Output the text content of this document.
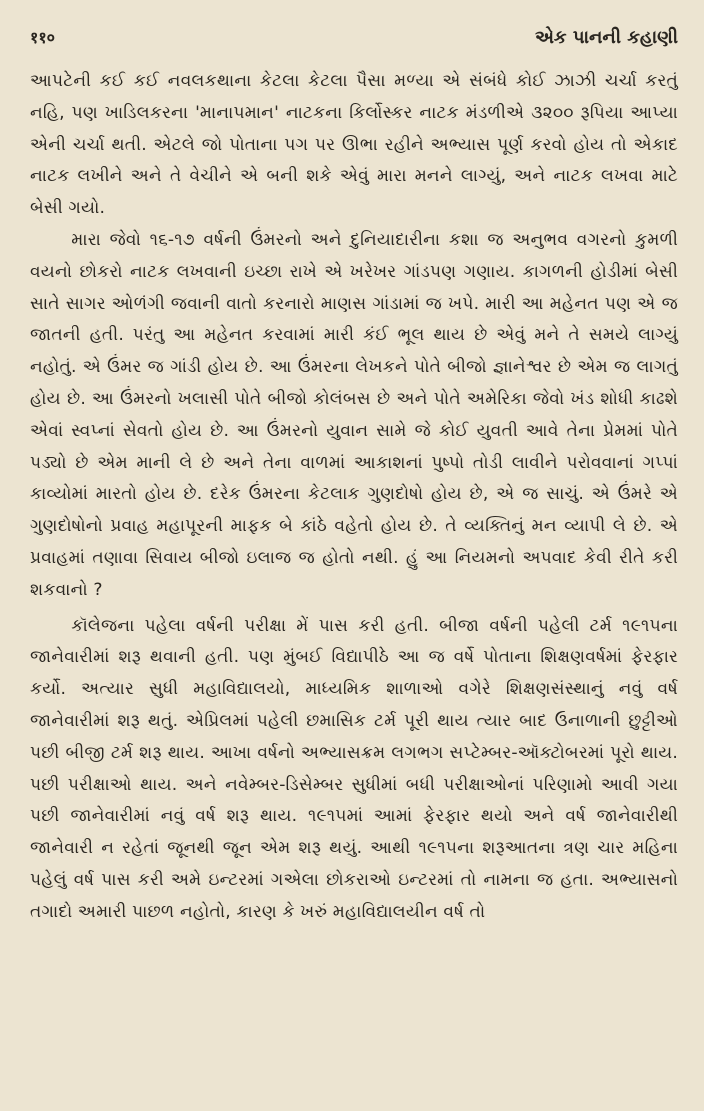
११०	એક પાનની કહાણી

આપટેની કઈ કઈ નવલકથાના કેટલા કેટલા પૈસા મળ્યા એ સંબંધે કોઈ ઝાઝી ચર્ચા કરતું નહિ, પણ ખાડિલકરના 'માનાપમાન' નાટકના કિર્લોસ્કર નાટક મંડળીએ ૩૨૦૦ રૂપિયા આપ્યા એની ચર્ચા થતી. એટલે જો પોતાના પગ પર ઊભા રહીને અભ્યાસ પૂર્ણ કરવો હોય તો એકાદ નાટક લખીને અને તે વેચીને એ બની શકે એવું મારા મનને લાગ્યું, અને નાટક લખવા માટે બેસી ગયો.

મારા જેવો ૧૬-૧૭ વર્ષની ઉંમરનો અને દુનિયાદારીના કશા જ અનુભવ વગરનો કુમળી વયનો છોકરો નાટક લખવાની ઇચ્છા રાખે એ ખરેખર ગાંડપણ ગણાય. કાગળની હોડીમાં બેસી સાતે સાગર ઓળંગી જવાની વાતો કરનારો માણસ ગાંડામાં જ ખપે. મારી આ મહેનત પણ એ જ જાતની હતી. પરંતુ આ મહેનત કરવામાં મારી કંઈ ભૂલ થાય છે એવું મને તે સમયે લાગ્યું નહોતું. એ ઉંમર જ ગાંડી હોય છે. આ ઉંમરના લેખકને પોતે બીજો જ્ઞાનેશ્વર છે એમ જ લાગતું હોય છે. આ ઉંમરનો ખલાસી પોતે બીજો કોલંબસ છે અને પોતે અમેરિકા જેવો ખંડ શોધી કાઢશે એવાં સ્વપ્નાં સેવતો હોય છે. આ ઉંમરનો યુવાન સામે જે કોઈ યુવતી આવે તેના પ્રેમમાં પોતે પડ્યો છે એમ માની લે છે અને તેના વાળમાં આકાશનાં પુષ્પો તોડી લાવીને પરોવવાનાં ગપ્પાં કાવ્યોમાં મારતો હોય છે. દરેક ઉંમરના કેટલાક ગુણદોષો હોય છે, એ જ સાચું. એ ઉંમરે એ ગુણદોષોનો પ્રવાહ મહાપૂરની માફક બે કાંઠે વહેતો હોય છે. તે વ્યક્તિનું મન વ્યાપી લે છે. એ પ્રવાહમાં તણાવા સિવાય બીજો ઇલાજ જ હોતો નથી. હું આ નિયમનો અપવાદ કેવી રીતે કરી શકવાનો ?

કૉલેજના પહેલા વર્ષની પરીક્ષા મેં પાસ કરી હતી. બીજા વર્ષની પહેલી ટર્મ ૧૯૧૫ના જાનેવારીમાં શરૂ થવાની હતી. પણ મુંબઈ વિદ્યાપીઠે આ જ વર્ષે પોતાના શિક્ષણવર્ષમાં ફેરફાર કર્યો. અત્યાર સુધી મહાવિદ્યાલયો, માધ્યમિક શાળાઓ વગેરે શિક્ષણસંસ્થાનું નવું વર્ષ જાનેવારીમાં શરૂ થતું. એપ્રિલમાં પહેલી છમાસિક ટર્મ પૂરી થાય ત્યાર બાદ ઉનાળાની છુટ્ટીઓ પછી બીજી ટર્મ શરૂ થાય. આખા વર્ષનો અભ્યાસક્રમ લગભગ સપ્ટેમ્બર-ઑક્ટોબરમાં પૂરો થાય. પછી પરીક્ષાઓ થાય. અને નવેમ્બર-ડિસેમ્બર સુધીમાં બધી પરીક્ષાઓનાં પરિણામો આવી ગયા પછી જાનેવારીમાં નવું વર્ષ શરૂ થાય. ૧૯૧૫માં આમાં ફેરફાર થયો અને વર્ષ જાનેવારીથી જાનેવારી ન રહેતાં જૂનથી જૂન એમ શરૂ થયું. આથી ૧૯૧૫ના શરૂઆતના ત્રણ ચાર મહિના પહેલું વર્ષ પાસ કરી અમે ઇન્ટરમાં ગએલા છોકરાઓ ઇન્ટરમાં તો નામના જ હતા. અભ્યાસનો તગાદો અમારી પાછળ નહોતો, કારણ કે ખરું મહાવિદ્યાલયીન વર્ષ તો
